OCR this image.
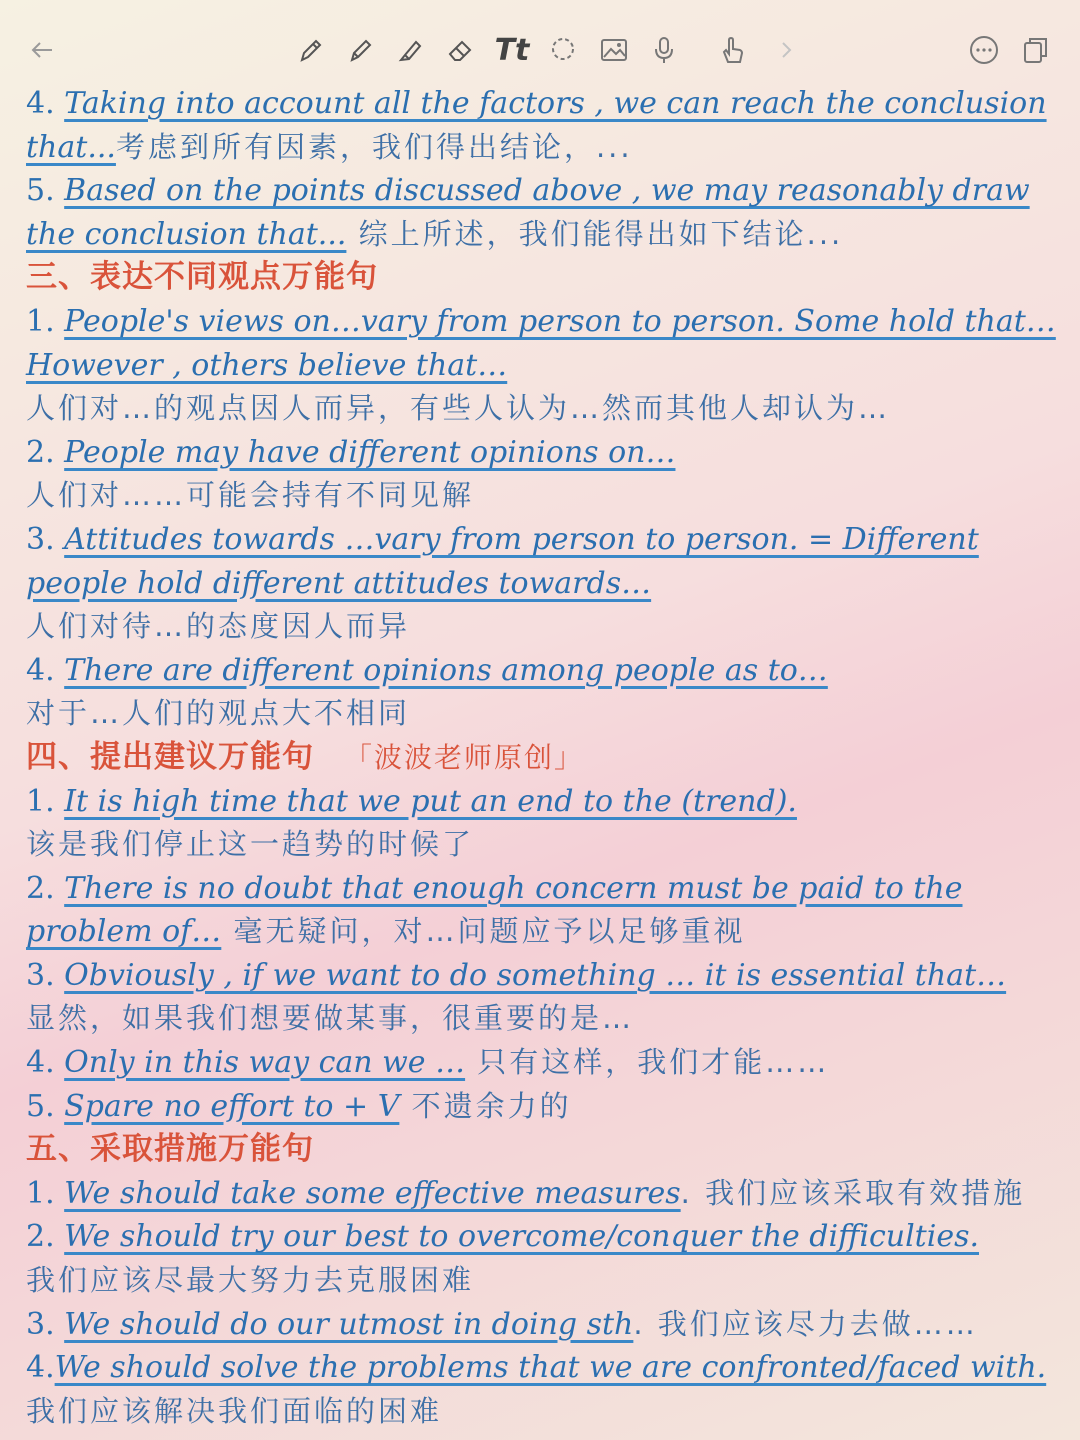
Tt
4. Taking into account all the factors , we can reach the conclusion
that...考虑到所有因素，我们得出结论，...
5. Based on the points discussed above , we may reasonably draw
the conclusion that... 综上所述，我们能得出如下结论...
三、表达不同观点万能句
1. People's views on…vary from person to person. Some hold that…
However , others believe that…
人们对…的观点因人而异，有些人认为…然而其他人却认为…
2. People may have different opinions on…
人们对……可能会持有不同见解
3. Attitudes towards …vary from person to person. = Different
people hold different attitudes towards…
人们对待…的态度因人而异
4. There are different opinions among people as to…
对于…人们的观点大不相同
四、提出建议万能句 「波波老师原创」
1. It is high time that we put an end to the (trend).
该是我们停止这一趋势的时候了
2. There is no doubt that enough concern must be paid to the
problem of… 毫无疑问，对…问题应予以足够重视
3. Obviously , if we want to do something … it is essential that…
显然，如果我们想要做某事，很重要的是…
4. Only in this way can we … 只有这样，我们才能……
5. Spare no effort to + V 不遗余力的
五、采取措施万能句
1. We should take some effective measures. 我们应该采取有效措施
2. We should try our best to overcome/conquer the difficulties.
我们应该尽最大努力去克服困难
3. We should do our utmost in doing sth. 我们应该尽力去做……
4.We should solve the problems that we are confronted/faced with.
我们应该解决我们面临的困难
